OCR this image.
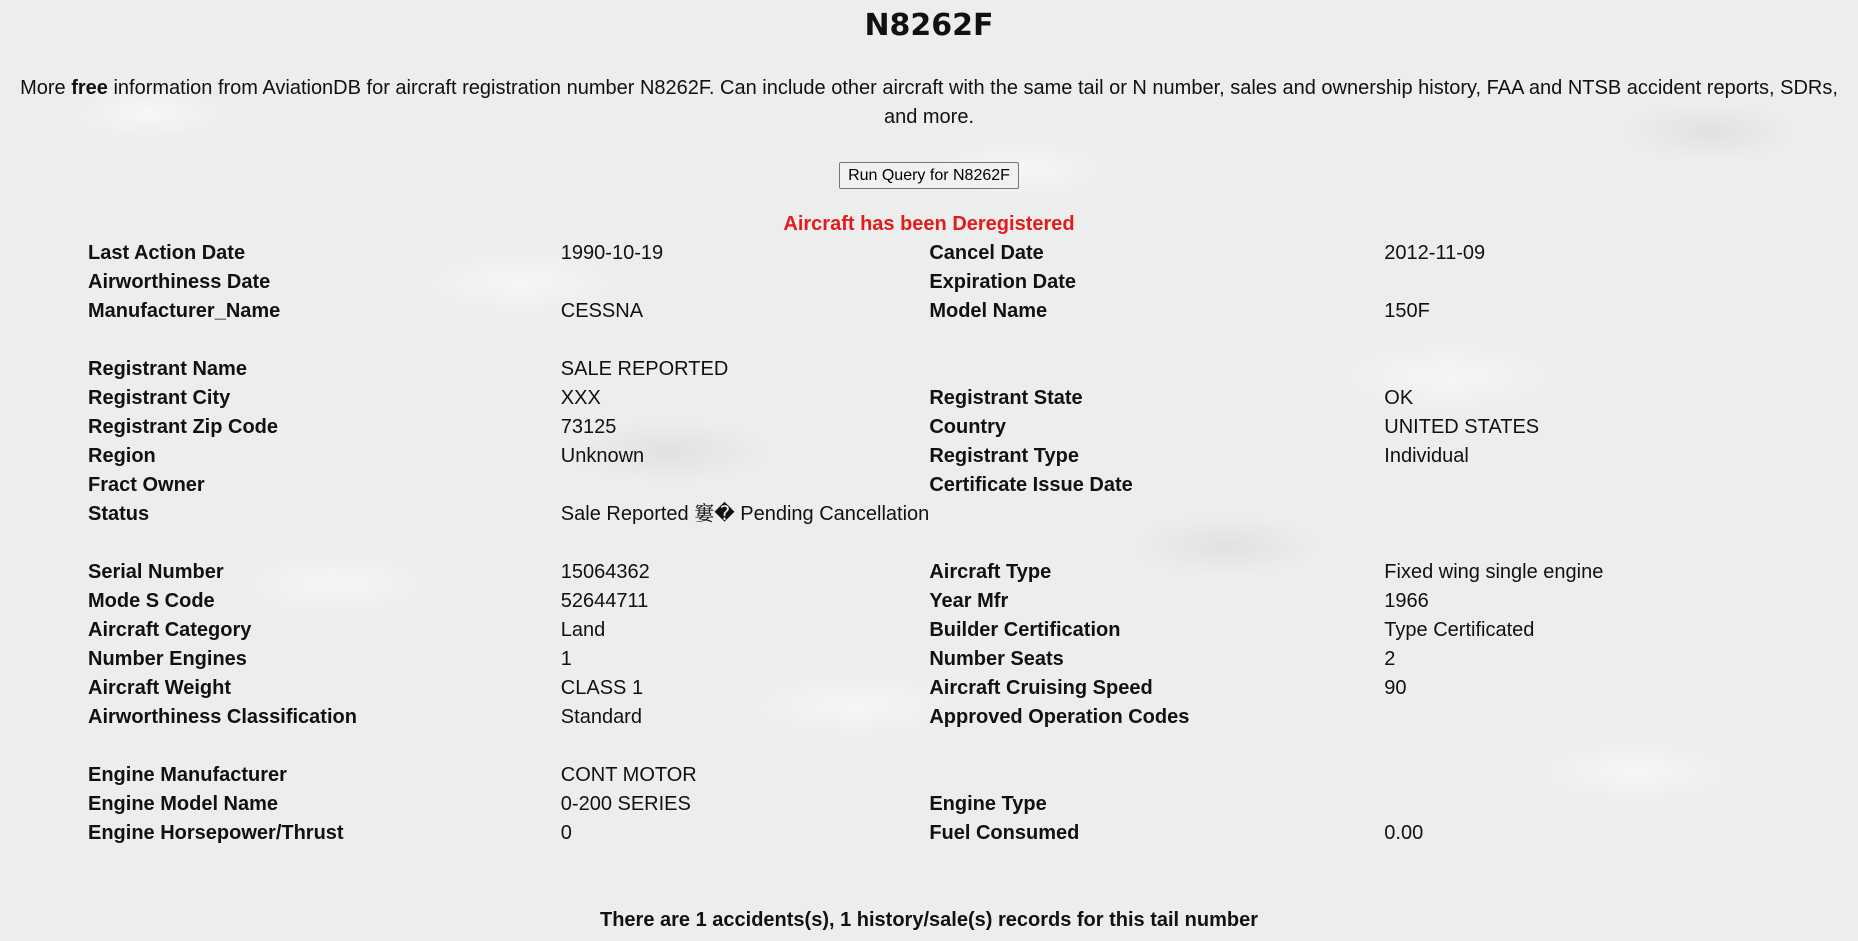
N8262F

More free information from AviationDB for aircraft registration number N8262F. Can include other aircraft with the same tail or N number, sales and ownership history, FAA and NTSB accident reports, SDRs, and more.

Run Query for N8262F

Aircraft has been Deregistered

Last Action Date	1990-10-19	Cancel Date	2012-11-09
Airworthiness Date		Expiration Date	
Manufacturer_Name	CESSNA	Model Name	150F

Registrant Name	SALE REPORTED		
Registrant City	XXX	Registrant State	OK
Registrant Zip Code	73125	Country	UNITED STATES
Region	Unknown	Registrant Type	Individual
Fract Owner		Certificate Issue Date	
Status	Sale Reported 窶� Pending Cancellation		

Serial Number	15064362	Aircraft Type	Fixed wing single engine
Mode S Code	52644711	Year Mfr	1966
Aircraft Category	Land	Builder Certification	Type Certificated
Number Engines	1	Number Seats	2
Aircraft Weight	CLASS 1	Aircraft Cruising Speed	90
Airworthiness Classification	Standard	Approved Operation Codes	

Engine Manufacturer	CONT MOTOR		
Engine Model Name	0-200 SERIES	Engine Type	
Engine Horsepower/Thrust	0	Fuel Consumed	0.00

There are 1 accidents(s), 1 history/sale(s) records for this tail number
